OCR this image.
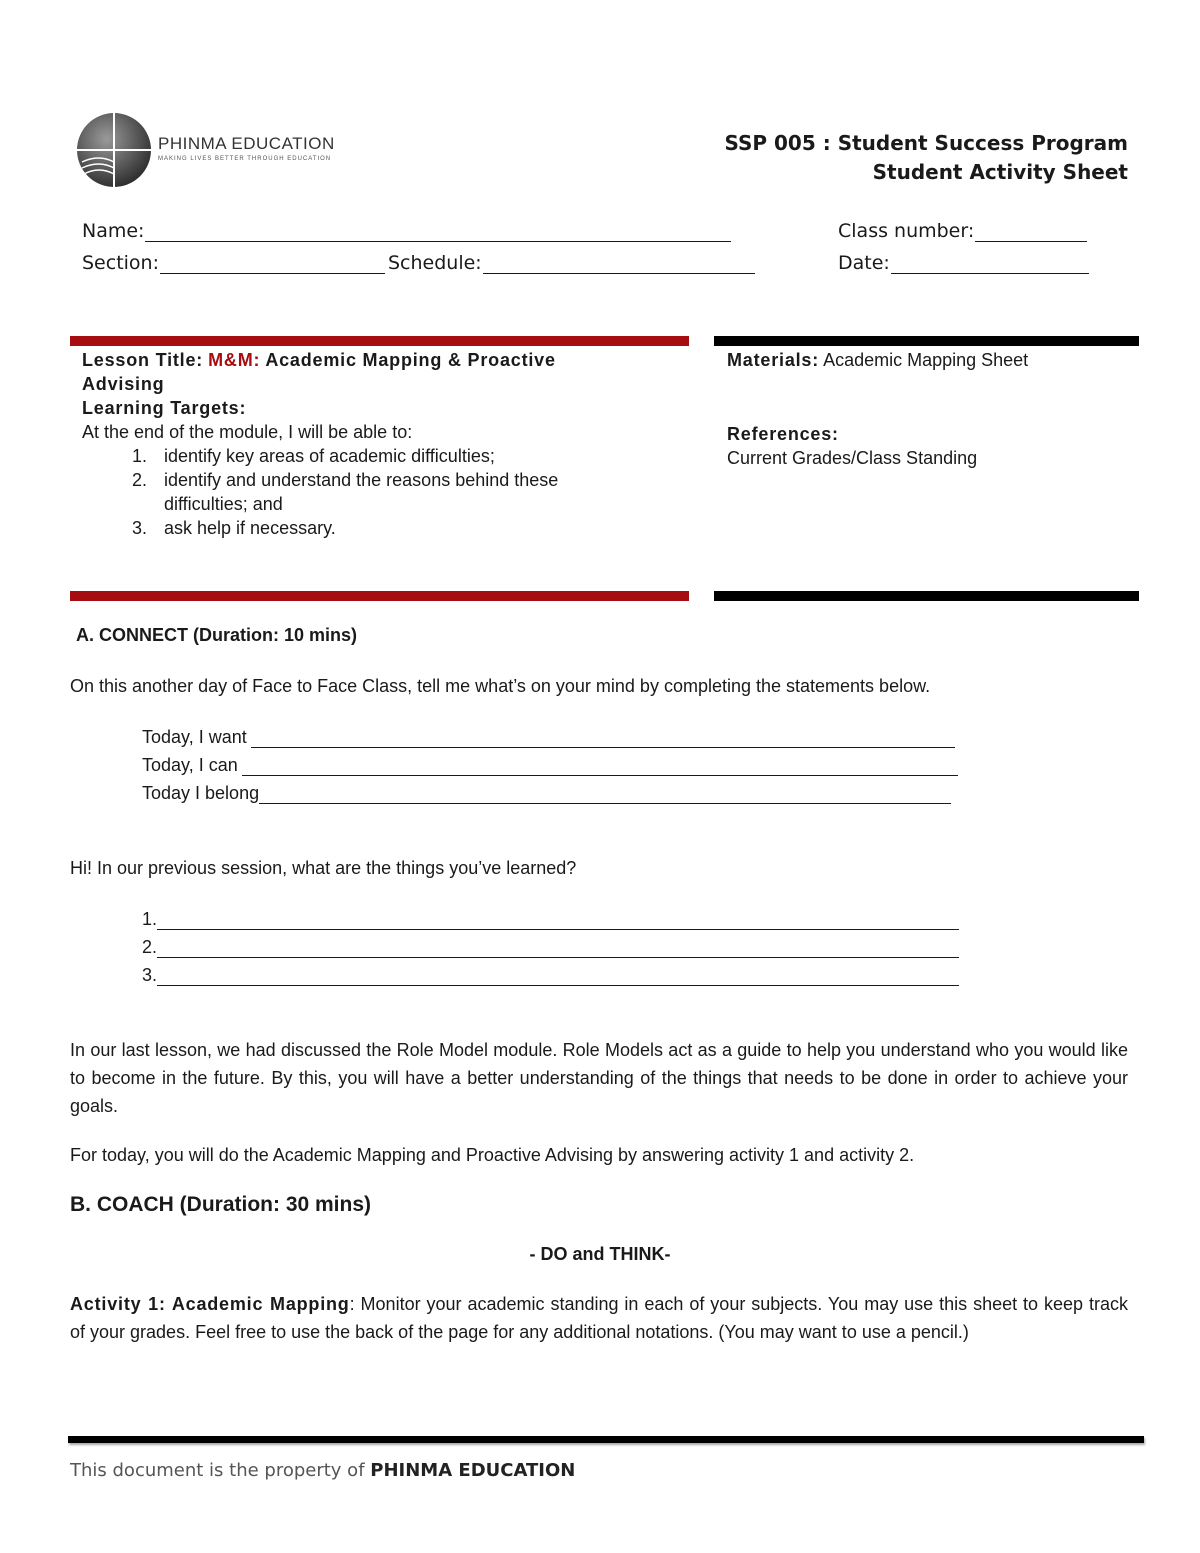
PHINMA EDUCATION
MAKING LIVES BETTER THROUGH EDUCATION
SSP 005 : Student Success Program
Student Activity Sheet
Name:	Class number:
Section:	Schedule:	Date:
Lesson Title: M&M: Academic Mapping & Proactive Advising
Learning Targets:
At the end of the module, I will be able to:
1. identify key areas of academic difficulties;
2. identify and understand the reasons behind these difficulties; and
3. ask help if necessary.
Materials: Academic Mapping Sheet
References:
Current Grades/Class Standing
A. CONNECT (Duration: 10 mins)
On this another day of Face to Face Class, tell me what’s on your mind by completing the statements below.
Today, I want
Today, I can
Today I belong
Hi! In our previous session, what are the things you’ve learned?
1.
2.
3.
In our last lesson, we had discussed the Role Model module. Role Models act as a guide to help you understand who you would like to become in the future. By this, you will have a better understanding of the things that needs to be done in order to achieve your goals.
For today, you will do the Academic Mapping and Proactive Advising by answering activity 1 and activity 2.
B. COACH (Duration: 30 mins)
- DO and THINK-
Activity 1: Academic Mapping: Monitor your academic standing in each of your subjects. You may use this sheet to keep track of your grades. Feel free to use the back of the page for any additional notations. (You may want to use a pencil.)
This document is the property of PHINMA EDUCATION
